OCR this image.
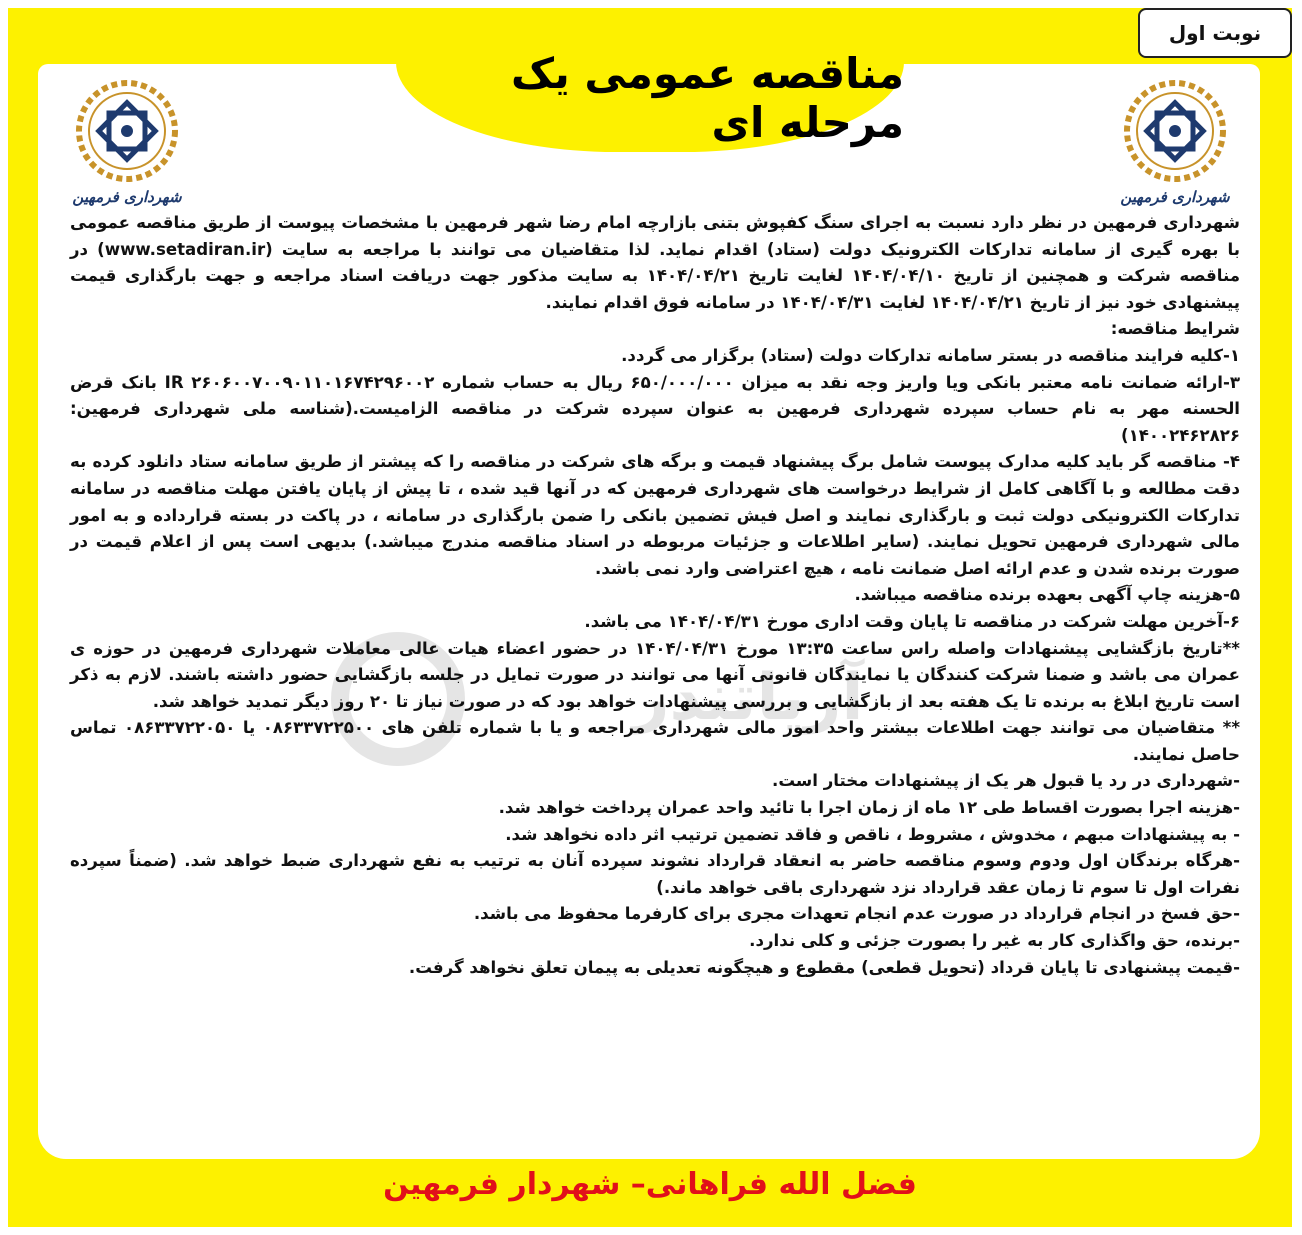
نوبت اول
مناقصه عمومی یک مرحله ای
شهرداری فرمهین
شهرداری فرمهین
آریاتندر

شهرداری فرمهین در نظر دارد نسبت به اجرای سنگ کفپوش بتنی بازارچه امام رضا شهر فرمهین با مشخصات پیوست از طریق مناقصه عمومی با بهره گیری از سامانه تدارکات الکترونیک دولت (ستاد) اقدام نماید. لذا متقاضیان می توانند با مراجعه به سایت (www.setadiran.ir) در مناقصه شرکت و همچنین از تاریخ ۱۴۰۴/۰۴/۱۰ لغایت تاریخ ۱۴۰۴/۰۴/۲۱ به سایت مذکور جهت دریافت اسناد مراجعه و جهت بارگذاری قیمت پیشنهادی خود نیز از تاریخ ۱۴۰۴/۰۴/۲۱ لغایت ۱۴۰۴/۰۴/۳۱ در سامانه فوق اقدام نمایند.

شرایط مناقصه:

۱-کلیه فرایند مناقصه در بستر سامانه تدارکات دولت (ستاد) برگزار می گردد.

۳-ارائه ضمانت نامه معتبر بانکی ویا واریز وجه نقد به میزان ۶۵۰/۰۰۰/۰۰۰ ریال به حساب شماره IR ۲۶۰۶۰۰۷۰۰۹۰۱۱۰۱۶۷۴۲۹۶۰۰۲ بانک قرض الحسنه مهر به نام حساب سپرده شهرداری فرمهین به عنوان سپرده شرکت در مناقصه الزامیست.(شناسه ملی شهرداری فرمهین: ۱۴۰۰۲۴۶۲۸۲۶)

۴- مناقصه گر باید کلیه مدارک پیوست شامل برگ پیشنهاد قیمت و برگه های شرکت در مناقصه را که پیشتر از طریق سامانه ستاد دانلود کرده به دقت مطالعه و با آگاهی کامل از شرایط درخواست های شهرداری فرمهین که در آنها قید شده ، تا پیش از پایان یافتن مهلت مناقصه در سامانه تدارکات الکترونیکی دولت ثبت و بارگذاری نمایند و اصل فیش تضمین بانکی را ضمن بارگذاری در سامانه ، در پاکت در بسته قرارداده و به امور مالی شهرداری فرمهین تحویل نمایند. (سایر اطلاعات و جزئیات مربوطه در اسناد مناقصه مندرج میباشد.) بدیهی است پس از اعلام قیمت در صورت برنده شدن و عدم ارائه اصل ضمانت نامه ، هیچ اعتراضی وارد نمی باشد.

۵-هزینه چاپ آگهی بعهده برنده مناقصه میباشد.

۶-آخرین مهلت شرکت در مناقصه تا پایان وقت اداری مورخ ۱۴۰۴/۰۴/۳۱ می باشد.

**تاریخ بازگشایی پیشنهادات واصله راس ساعت ۱۳:۳۵ مورخ ۱۴۰۴/۰۴/۳۱ در حضور اعضاء هیات عالی معاملات شهرداری فرمهین در حوزه ی عمران می باشد و ضمنا شرکت کنندگان یا نمایندگان قانونی آنها می توانند در صورت تمایل در جلسه بازگشایی حضور داشته باشند. لازم به ذکر است تاریخ ابلاغ به برنده تا یک هفته بعد از بازگشایی و بررسی پیشنهادات خواهد بود که در صورت نیاز تا ۲۰ روز دیگر تمدید خواهد شد.

** متقاضیان می توانند جهت اطلاعات بیشتر واحد امور مالی شهرداری مراجعه و یا با شماره تلفن های ۰۸۶۳۳۷۲۲۵۰۰ یا ۰۸۶۳۳۷۲۲۰۵۰ تماس حاصل نمایند.

-شهرداری در رد یا قبول هر یک از پیشنهادات مختار است.

-هزینه اجرا بصورت اقساط طی ۱۲ ماه از زمان اجرا با تائید واحد عمران پرداخت خواهد شد.

- به پیشنهادات مبهم ، مخدوش ، مشروط ، ناقص و فاقد تضمین ترتیب اثر داده نخواهد شد.

-هرگاه برندگان اول ودوم وسوم مناقصه حاضر به انعقاد قرارداد نشوند سپرده آنان به ترتیب به نفع شهرداری ضبط خواهد شد. (ضمناً سپرده نفرات اول تا سوم تا زمان عقد قرارداد نزد شهرداری باقی خواهد ماند.)

-حق فسخ در انجام قرارداد در صورت عدم انجام تعهدات مجری برای کارفرما محفوظ می باشد.

-برنده، حق واگذاری کار به غیر را بصورت جزئی و کلی ندارد.

-قیمت پیشنهادی تا پایان قرداد (تحویل قطعی) مقطوع و هیچگونه تعدیلی به پیمان تعلق نخواهد گرفت.

فضل الله فراهانی– شهردار فرمهین
